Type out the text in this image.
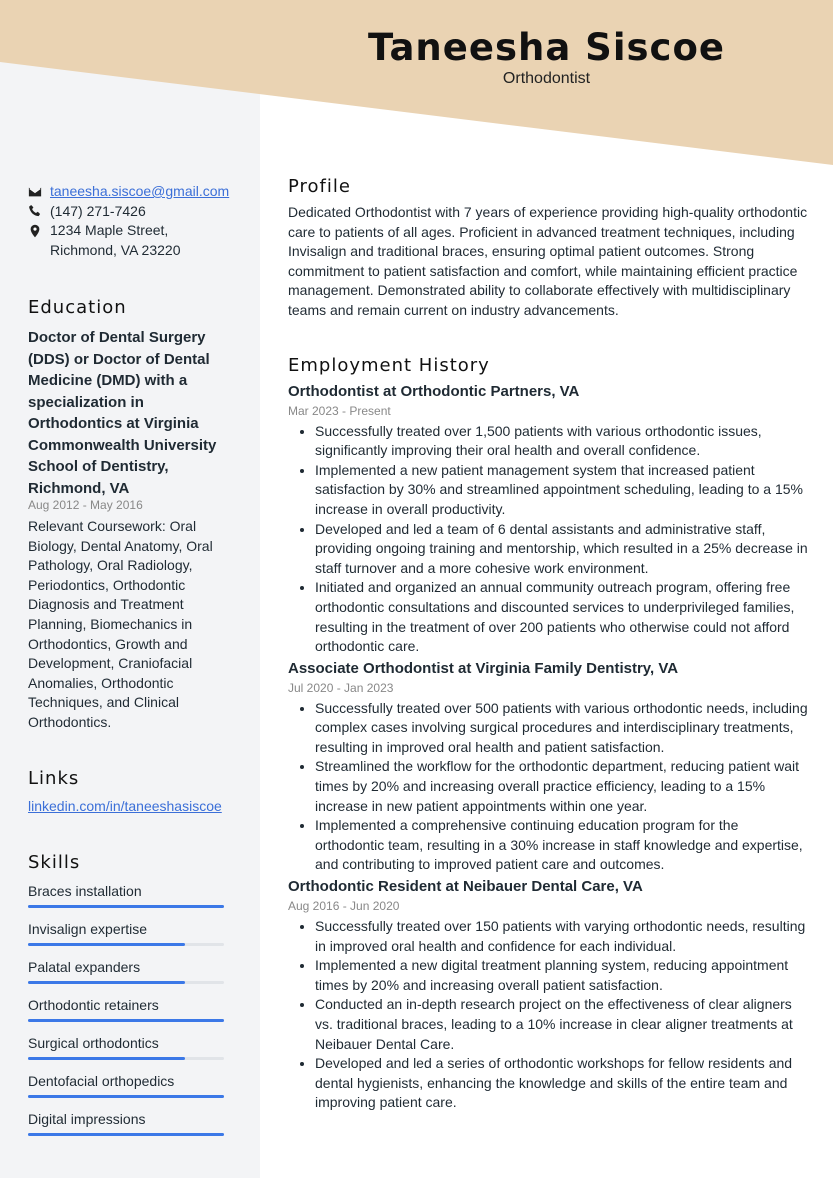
Taneesha Siscoe
Orthodontist
taneesha.siscoe@gmail.com
(147) 271-7426
1234 Maple Street,
Richmond, VA 23220
Education
Doctor of Dental Surgery (DDS) or Doctor of Dental Medicine (DMD) with a specialization in Orthodontics at Virginia Commonwealth University School of Dentistry, Richmond, VA
Aug 2012 - May 2016
Relevant Coursework: Oral Biology, Dental Anatomy, Oral Pathology, Oral Radiology, Periodontics, Orthodontic Diagnosis and Treatment Planning, Biomechanics in Orthodontics, Growth and Development, Craniofacial Anomalies, Orthodontic Techniques, and Clinical Orthodontics.
Links
linkedin.com/in/taneeshasiscoe
Skills
Braces installation
Invisalign expertise
Palatal expanders
Orthodontic retainers
Surgical orthodontics
Dentofacial orthopedics
Digital impressions
Profile

Dedicated Orthodontist with 7 years of experience providing high-quality orthodontic care to patients of all ages. Proficient in advanced treatment techniques, including Invisalign and traditional braces, ensuring optimal patient outcomes. Strong commitment to patient satisfaction and comfort, while maintaining efficient practice management. Demonstrated ability to collaborate effectively with multidisciplinary teams and remain current on industry advancements.

Employment History
Orthodontist at Orthodontic Partners, VA
Mar 2023 - Present
• Successfully treated over 1,500 patients with various orthodontic issues, significantly improving their oral health and overall confidence.
• Implemented a new patient management system that increased patient satisfaction by 30% and streamlined appointment scheduling, leading to a 15% increase in overall productivity.
• Developed and led a team of 6 dental assistants and administrative staff, providing ongoing training and mentorship, which resulted in a 25% decrease in staff turnover and a more cohesive work environment.
• Initiated and organized an annual community outreach program, offering free orthodontic consultations and discounted services to underprivileged families, resulting in the treatment of over 200 patients who otherwise could not afford orthodontic care.
Associate Orthodontist at Virginia Family Dentistry, VA
Jul 2020 - Jan 2023
• Successfully treated over 500 patients with various orthodontic needs, including complex cases involving surgical procedures and interdisciplinary treatments, resulting in improved oral health and patient satisfaction.
• Streamlined the workflow for the orthodontic department, reducing patient wait times by 20% and increasing overall practice efficiency, leading to a 15% increase in new patient appointments within one year.
• Implemented a comprehensive continuing education program for the orthodontic team, resulting in a 30% increase in staff knowledge and expertise, and contributing to improved patient care and outcomes.
Orthodontic Resident at Neibauer Dental Care, VA
Aug 2016 - Jun 2020
• Successfully treated over 150 patients with varying orthodontic needs, resulting in improved oral health and confidence for each individual.
• Implemented a new digital treatment planning system, reducing appointment times by 20% and increasing overall patient satisfaction.
• Conducted an in-depth research project on the effectiveness of clear aligners vs. traditional braces, leading to a 10% increase in clear aligner treatments at Neibauer Dental Care.
• Developed and led a series of orthodontic workshops for fellow residents and dental hygienists, enhancing the knowledge and skills of the entire team and improving patient care.
